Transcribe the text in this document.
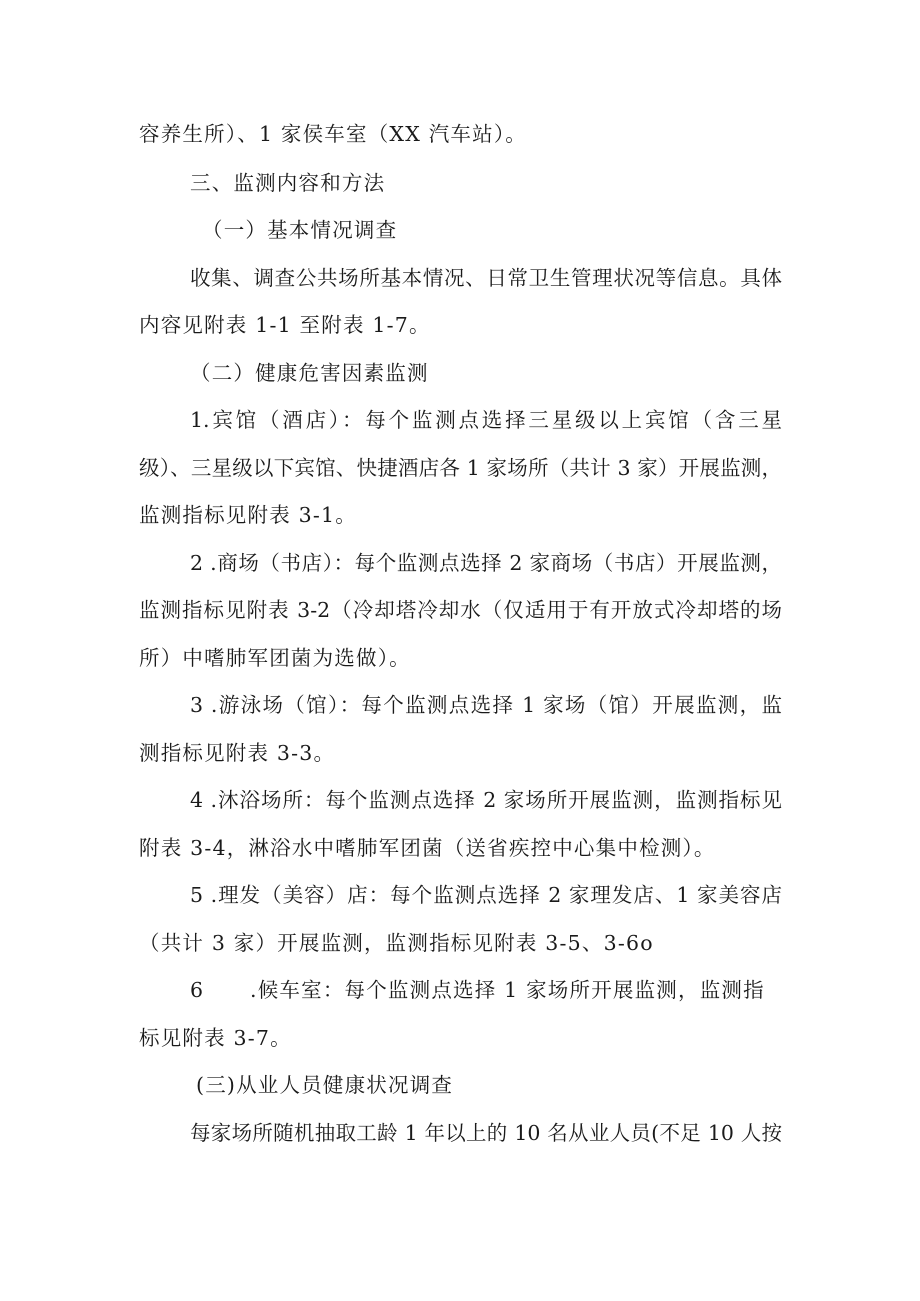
容养生所）、1 家侯车室（XX 汽车站）。
三、监测内容和方法
（一）基本情况调查
收集、调查公共场所基本情况、日常卫生管理状况等信息。具体
内容见附表 1-1 至附表 1-7。
（二）健康危害因素监测
1.宾馆（酒店）：每个监测点选择三星级以上宾馆（含三星
级）、三星级以下宾馆、快捷酒店各 1 家场所（共计 3 家）开展监测，
监测指标见附表 3-1。
2 .商场（书店）：每个监测点选择 2 家商场（书店）开展监测，
监测指标见附表 3-2（冷却塔冷却水（仅适用于有开放式冷却塔的场
所）中嗜肺军团菌为选做）。
3 .游泳场（馆）：每个监测点选择 1 家场（馆）开展监测，监
测指标见附表 3-3。
4 .沐浴场所：每个监测点选择 2 家场所开展监测，监测指标见
附表 3-4，淋浴水中嗜肺军团菌（送省疾控中心集中检测）。
5 .理发（美容）店：每个监测点选择 2 家理发店、1 家美容店
（共计 3 家）开展监测，监测指标见附表 3-5、3-6o
6 .候车室：每个监测点选择 1 家场所开展监测，监测指
标见附表 3-7。
(三)从业人员健康状况调查
每家场所随机抽取工龄 1 年以上的 10 名从业人员(不足 10 人按
